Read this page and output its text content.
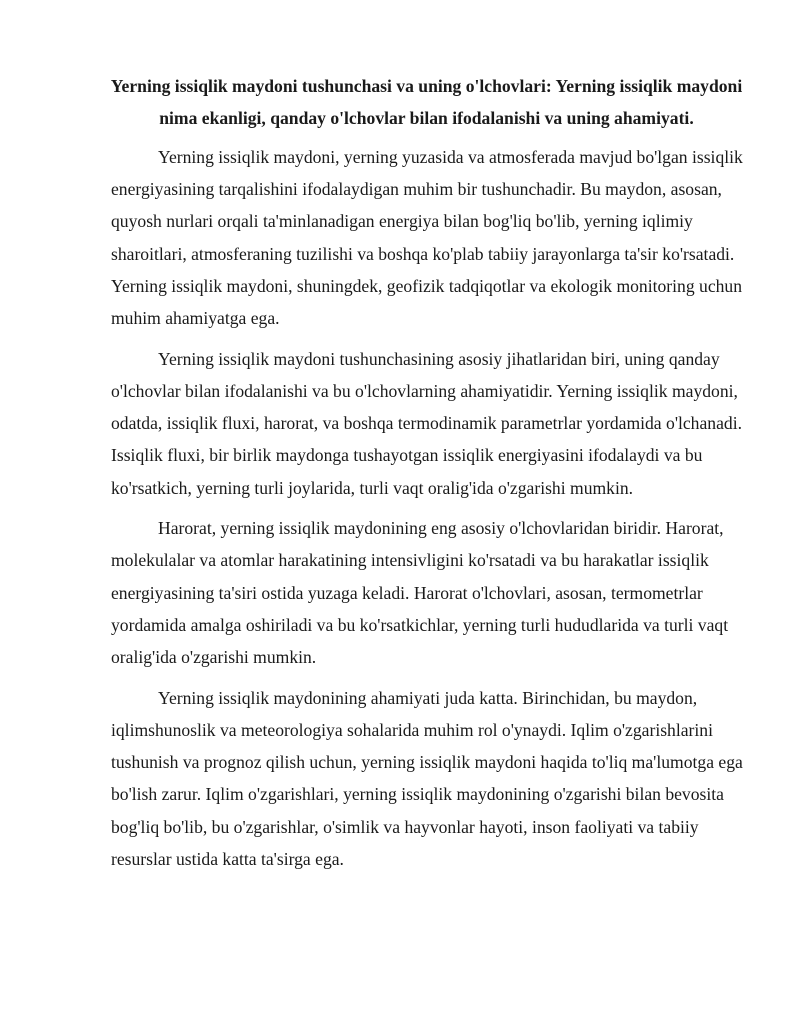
Yerning issiqlik maydoni tushunchasi va uning o'lchovlari: Yerning issiqlik maydoni nima ekanligi, qanday o'lchovlar bilan ifodalanishi va uning ahamiyati.

Yerning issiqlik maydoni, yerning yuzasida va atmosferada mavjud bo'lgan issiqlik energiyasining tarqalishini ifodalaydigan muhim bir tushunchadir. Bu maydon, asosan, quyosh nurlari orqali ta'minlanadigan energiya bilan bog'liq bo'lib, yerning iqlimiy sharoitlari, atmosferaning tuzilishi va boshqa ko'plab tabiiy jarayonlarga ta'sir ko'rsatadi. Yerning issiqlik maydoni, shuningdek, geofizik tadqiqotlar va ekologik monitoring uchun muhim ahamiyatga ega.

Yerning issiqlik maydoni tushunchasining asosiy jihatlaridan biri, uning qanday o'lchovlar bilan ifodalanishi va bu o'lchovlarning ahamiyatidir. Yerning issiqlik maydoni, odatda, issiqlik fluxi, harorat, va boshqa termodinamik parametrlar yordamida o'lchanadi. Issiqlik fluxi, bir birlik maydonga tushayotgan issiqlik energiyasini ifodalaydi va bu ko'rsatkich, yerning turli joylarida, turli vaqt oralig'ida o'zgarishi mumkin.

Harorat, yerning issiqlik maydonining eng asosiy o'lchovlaridan biridir. Harorat, molekulalar va atomlar harakatining intensivligini ko'rsatadi va bu harakatlar issiqlik energiyasining ta'siri ostida yuzaga keladi. Harorat o'lchovlari, asosan, termometrlar yordamida amalga oshiriladi va bu ko'rsatkichlar, yerning turli hududlarida va turli vaqt oralig'ida o'zgarishi mumkin.

Yerning issiqlik maydonining ahamiyati juda katta. Birinchidan, bu maydon, iqlimshunoslik va meteorologiya sohalarida muhim rol o'ynaydi. Iqlim o'zgarishlarini tushunish va prognoz qilish uchun, yerning issiqlik maydoni haqida to'liq ma'lumotga ega bo'lish zarur. Iqlim o'zgarishlari, yerning issiqlik maydonining o'zgarishi bilan bevosita bog'liq bo'lib, bu o'zgarishlar, o'simlik va hayvonlar hayoti, inson faoliyati va tabiiy resurslar ustida katta ta'sirga ega.
